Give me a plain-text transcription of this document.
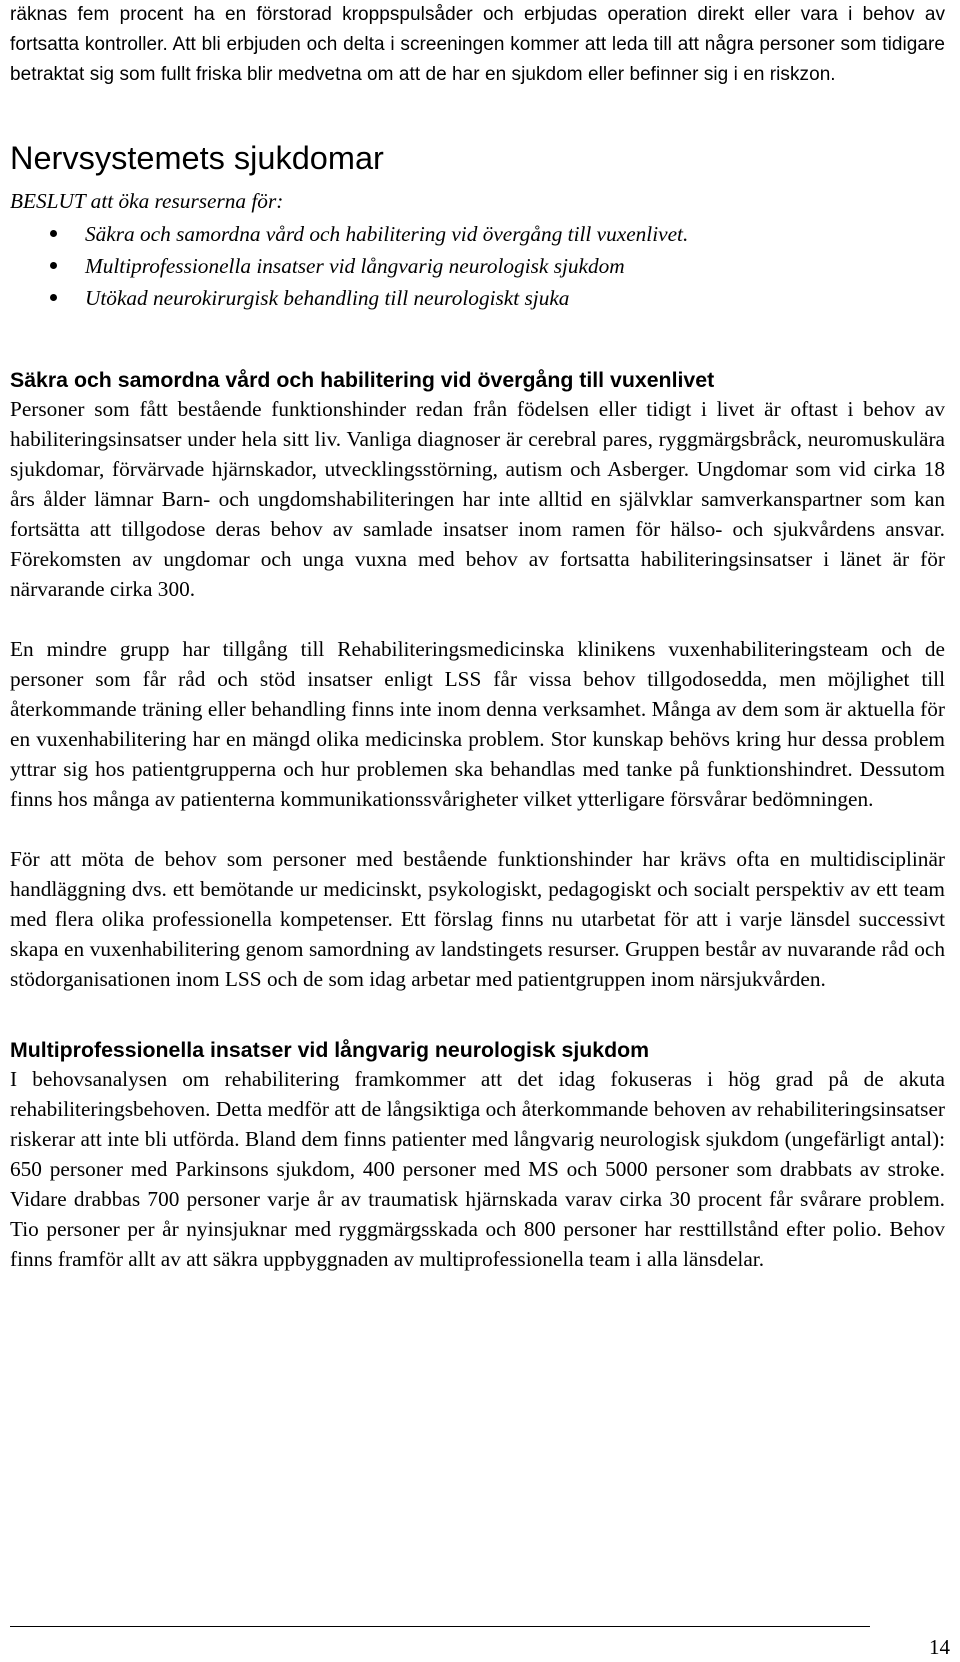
räknas fem procent ha en förstorad kroppspulsåder och erbjudas operation direkt eller vara i behov av fortsatta kontroller. Att bli erbjuden och delta i screeningen kommer att leda till att några personer som tidigare betraktat sig som fullt friska blir medvetna om att de har en sjukdom eller befinner sig i en riskzon.

Nervsystemets sjukdomar

BESLUT att öka resurserna för:

Säkra och samordna vård och habilitering vid övergång till vuxenlivet.
Multiprofessionella insatser vid långvarig neurologisk sjukdom
Utökad neurokirurgisk behandling till neurologiskt sjuka
Säkra och samordna vård och habilitering vid övergång till vuxenlivet

Personer som fått bestående funktionshinder redan från födelsen eller tidigt i livet är oftast i behov av habiliteringsinsatser under hela sitt liv. Vanliga diagnoser är cerebral pares, ryggmärgsbråck, neuromuskulära sjukdomar, förvärvade hjärnskador, utvecklingsstörning, autism och Asberger. Ungdomar som vid cirka 18 års ålder lämnar Barn- och ungdomshabiliteringen har inte alltid en självklar samverkanspartner som kan fortsätta att tillgodose deras behov av samlade insatser inom ramen för hälso- och sjukvårdens ansvar. Förekomsten av ungdomar och unga vuxna med behov av fortsatta habiliteringsinsatser i länet är för närvarande cirka 300.

En mindre grupp har tillgång till Rehabiliteringsmedicinska klinikens vuxenhabiliteringsteam och de personer som får råd och stöd insatser enligt LSS får vissa behov tillgodosedda, men möjlighet till återkommande träning eller behandling finns inte inom denna verksamhet. Många av dem som är aktuella för en vuxenhabilitering har en mängd olika medicinska problem. Stor kunskap behövs kring hur dessa problem yttrar sig hos patientgrupperna och hur problemen ska behandlas med tanke på funktionshindret. Dessutom finns hos många av patienterna kommunikationssvårigheter vilket ytterligare försvårar bedömningen.

För att möta de behov som personer med bestående funktionshinder har krävs ofta en multidisciplinär handläggning dvs. ett bemötande ur medicinskt, psykologiskt, pedagogiskt och socialt perspektiv av ett team med flera olika professionella kompetenser. Ett förslag finns nu utarbetat för att i varje länsdel successivt skapa en vuxenhabilitering genom samordning av landstingets resurser. Gruppen består av nuvarande råd och stödorganisationen inom LSS och de som idag arbetar med patientgruppen inom närsjukvården.

Multiprofessionella insatser vid långvarig neurologisk sjukdom

I behovsanalysen om rehabilitering framkommer att det idag fokuseras i hög grad på de akuta rehabiliteringsbehoven. Detta medför att de långsiktiga och återkommande behoven av rehabiliteringsinsatser riskerar att inte bli utförda. Bland dem finns patienter med långvarig neurologisk sjukdom (ungefärligt antal): 650 personer med Parkinsons sjukdom, 400 personer med MS och 5000 personer som drabbats av stroke. Vidare drabbas 700 personer varje år av traumatisk hjärnskada varav cirka 30 procent får svårare problem. Tio personer per år nyinsjuknar med ryggmärgsskada och 800 personer har resttillstånd efter polio. Behov finns framför allt av att säkra uppbyggnaden av multiprofessionella team i alla länsdelar.

14
